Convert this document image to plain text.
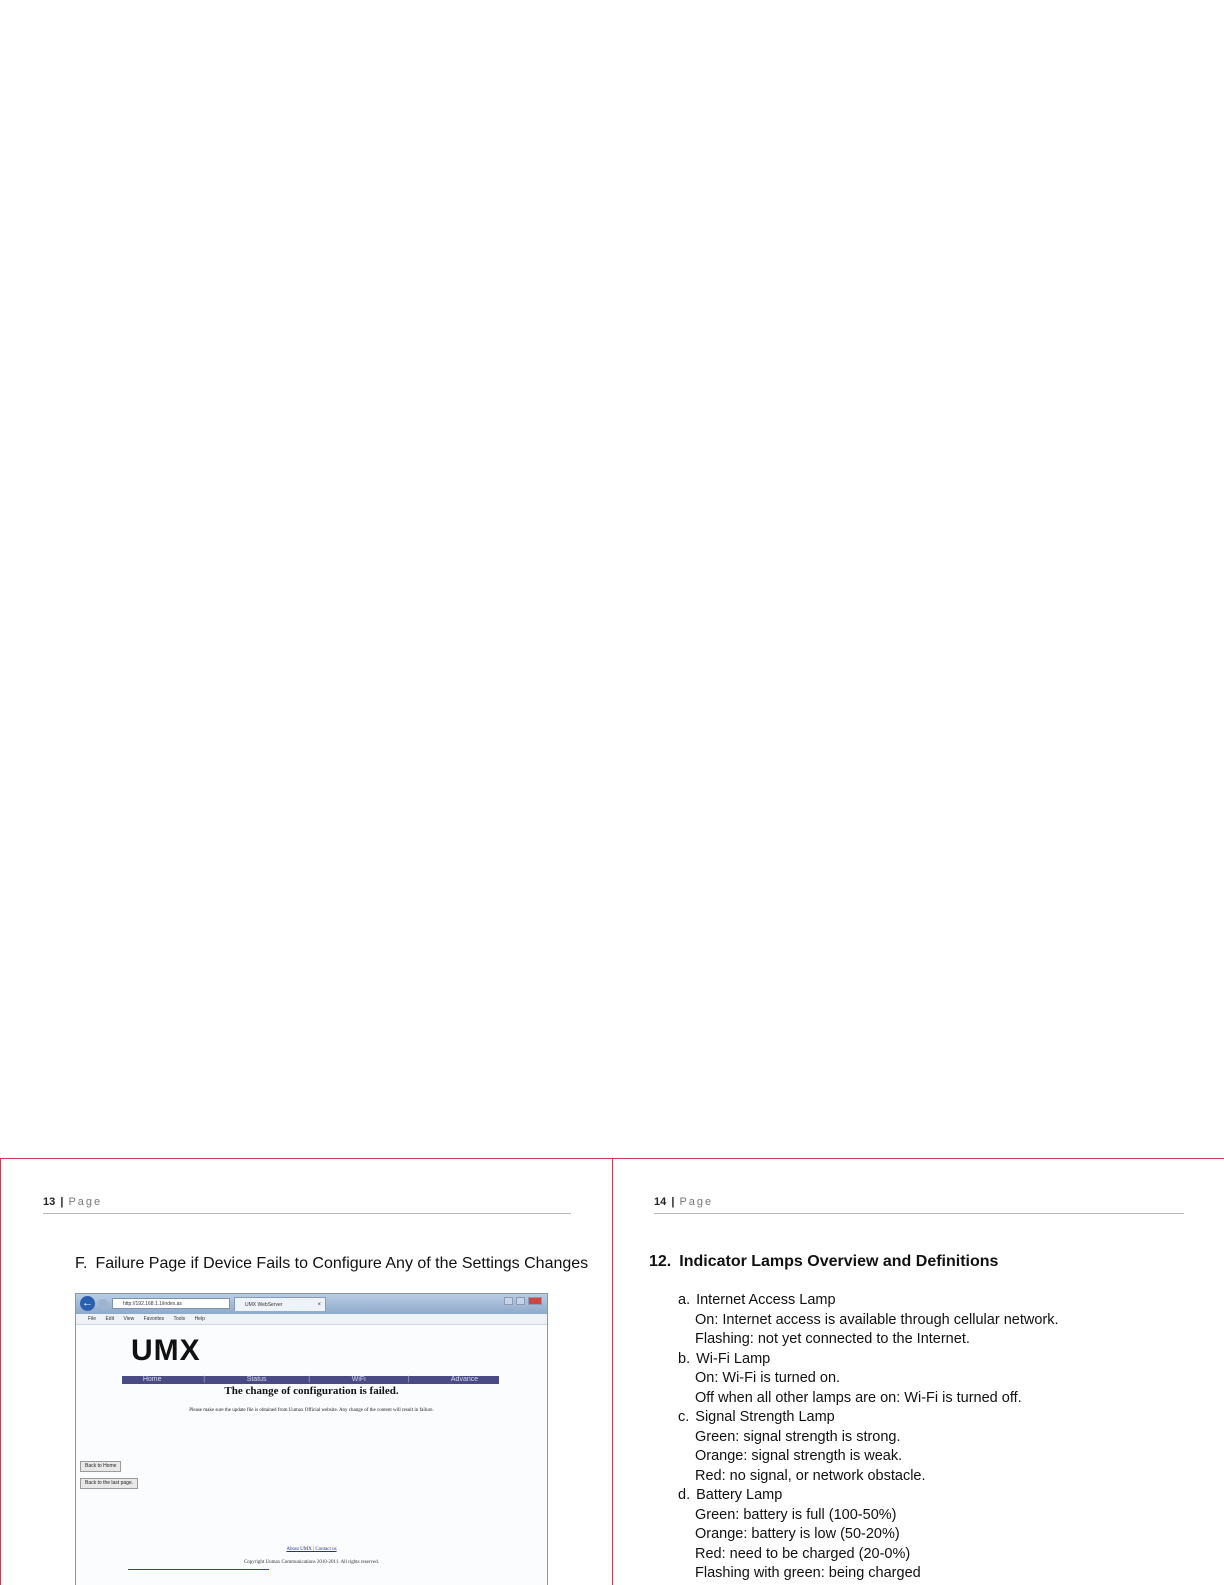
13 | Page
F. Failure Page if Device Fails to Configure Any of the Settings Changes
←	http://192.168.1.1/index.as	UMX WebServer	×
File Edit View Favorites Tools Help
UMX
Home	|	Status	|	WiFi	|	Advance
The change of configuration is failed.
Please make sure the update file is obtained from Uumax Official website. Any change of the content will result in failure.
Back to Home
Back to the last page.
About UMX | Contact us
Copyright Uumax Communications 2010-2011. All rights reserved.
14 | Page
12. Indicator Lamps Overview and Definitions
a. Internet Access Lamp
On: Internet access is available through cellular network.
Flashing: not yet connected to the Internet.
b. Wi-Fi Lamp
On: Wi-Fi is turned on.
Off when all other lamps are on: Wi-Fi is turned off.
c. Signal Strength Lamp
Green: signal strength is strong.
Orange: signal strength is weak.
Red: no signal, or network obstacle.
d. Battery Lamp
Green: battery is full (100-50%)
Orange: battery is low (50-20%)
Red: need to be charged (20-0%)
Flashing with green: being charged
